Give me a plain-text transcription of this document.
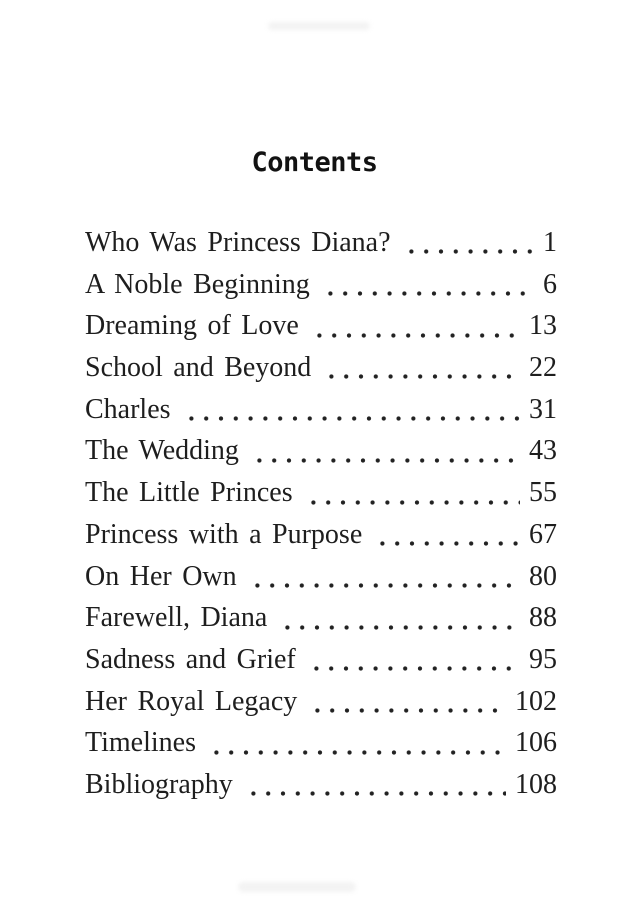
Contents
Who Was Princess Diana?	1
A Noble Beginning	6
Dreaming of Love	13
School and Beyond	22
Charles	31
The Wedding	43
The Little Princes	55
Princess with a Purpose	67
On Her Own	80
Farewell, Diana	88
Sadness and Grief	95
Her Royal Legacy	102
Timelines	106
Bibliography	108
